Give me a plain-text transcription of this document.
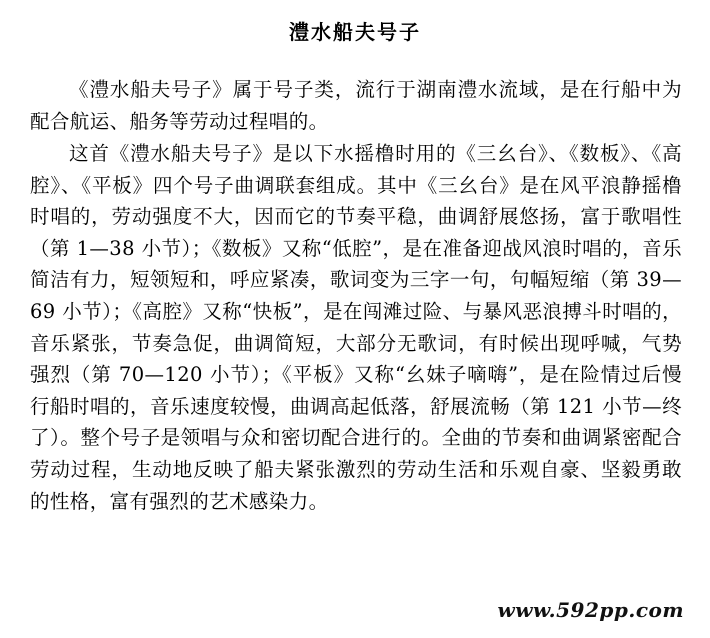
澧水船夫号子

《澧水船夫号子》属于号子类，流行于湖南澧水流域，是在行船中为配合航运、船务等劳动过程唱的。

这首《澧水船夫号子》是以下水摇橹时用的《三幺台》、《数板》、《高腔》、《平板》四个号子曲调联套组成。其中《三幺台》是在风平浪静摇橹时唱的，劳动强度不大，因而它的节奏平稳，曲调舒展悠扬，富于歌唱性（第 1—38 小节）；《数板》又称“低腔”，是在准备迎战风浪时唱的，音乐简洁有力，短领短和，呼应紧凑，歌词变为三字一句，句幅短缩（第 39—69 小节）；《高腔》又称“快板”，是在闯滩过险、与暴风恶浪搏斗时唱的，音乐紧张，节奏急促，曲调简短，大部分无歌词，有时候出现呼喊，气势强烈（第 70—120 小节）；《平板》又称“幺妹子嘀嗨”，是在险情过后慢行船时唱的，音乐速度较慢，曲调高起低落，舒展流畅（第 121 小节—终了）。整个号子是领唱与众和密切配合进行的。全曲的节奏和曲调紧密配合劳动过程，生动地反映了船夫紧张激烈的劳动生活和乐观自豪、坚毅勇敢的性格，富有强烈的艺术感染力。

www.592pp.com
